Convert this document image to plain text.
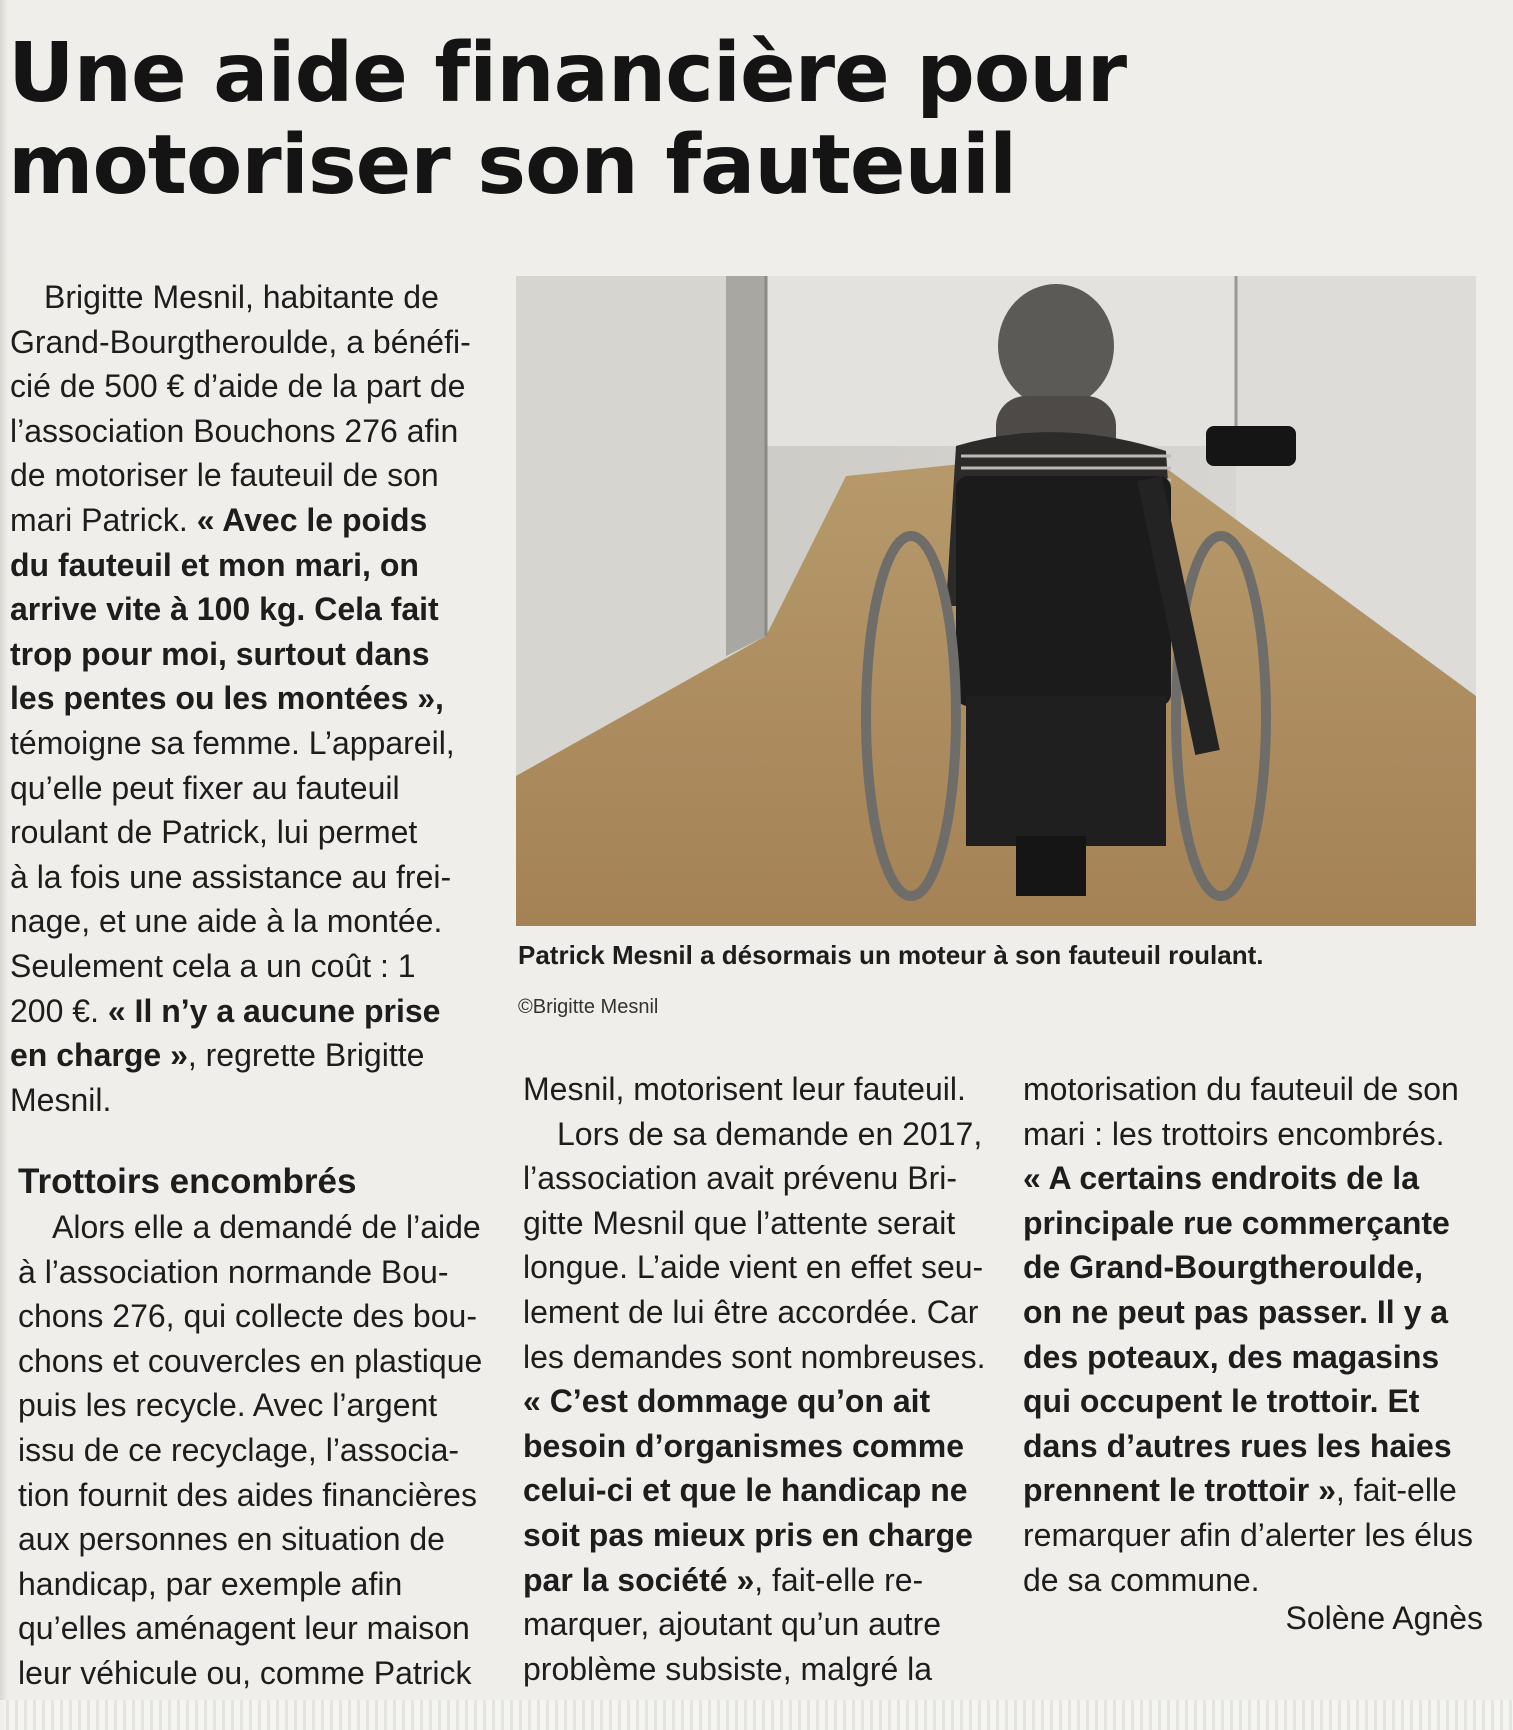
Une aide financière pour
motoriser son fauteuil
Brigitte Mesnil, habitante de
Grand-Bourgtheroulde, a bénéfi-
cié de 500 € d’aide de la part de
l’association Bouchons 276 afin
de motoriser le fauteuil de son
mari Patrick. « Avec le poids
du fauteuil et mon mari, on
arrive vite à 100 kg. Cela fait
trop pour moi, surtout dans
les pentes ou les montées »,
témoigne sa femme. L’appareil,
qu’elle peut fixer au fauteuil
roulant de Patrick, lui permet
à la fois une assistance au frei-
nage, et une aide à la montée.
Seulement cela a un coût : 1
200 €. « Il n’y a aucune prise
en charge », regrette Brigitte
Mesnil.
Trottoirs encombrés
Alors elle a demandé de l’aide
à l’association normande Bou-
chons 276, qui collecte des bou-
chons et couvercles en plastique
puis les recycle. Avec l’argent
issu de ce recyclage, l’associa-
tion fournit des aides financières
aux personnes en situation de
handicap, par exemple afin
qu’elles aménagent leur maison
leur véhicule ou, comme Patrick
Patrick Mesnil a désormais un moteur à son fauteuil roulant.
©Brigitte Mesnil
Mesnil, motorisent leur fauteuil.
Lors de sa demande en 2017,
l’association avait prévenu Bri-
gitte Mesnil que l’attente serait
longue. L’aide vient en effet seu-
lement de lui être accordée. Car
les demandes sont nombreuses.
« C’est dommage qu’on ait
besoin d’organismes comme
celui-ci et que le handicap ne
soit pas mieux pris en charge
par la société », fait-elle re-
marquer, ajoutant qu’un autre
problème subsiste, malgré la
motorisation du fauteuil de son
mari : les trottoirs encombrés.
« A certains endroits de la
principale rue commerçante
de Grand-Bourgtheroulde,
on ne peut pas passer. Il y a
des poteaux, des magasins
qui occupent le trottoir. Et
dans d’autres rues les haies
prennent le trottoir », fait-elle
remarquer afin d’alerter les élus
de sa commune.
Solène Agnès
